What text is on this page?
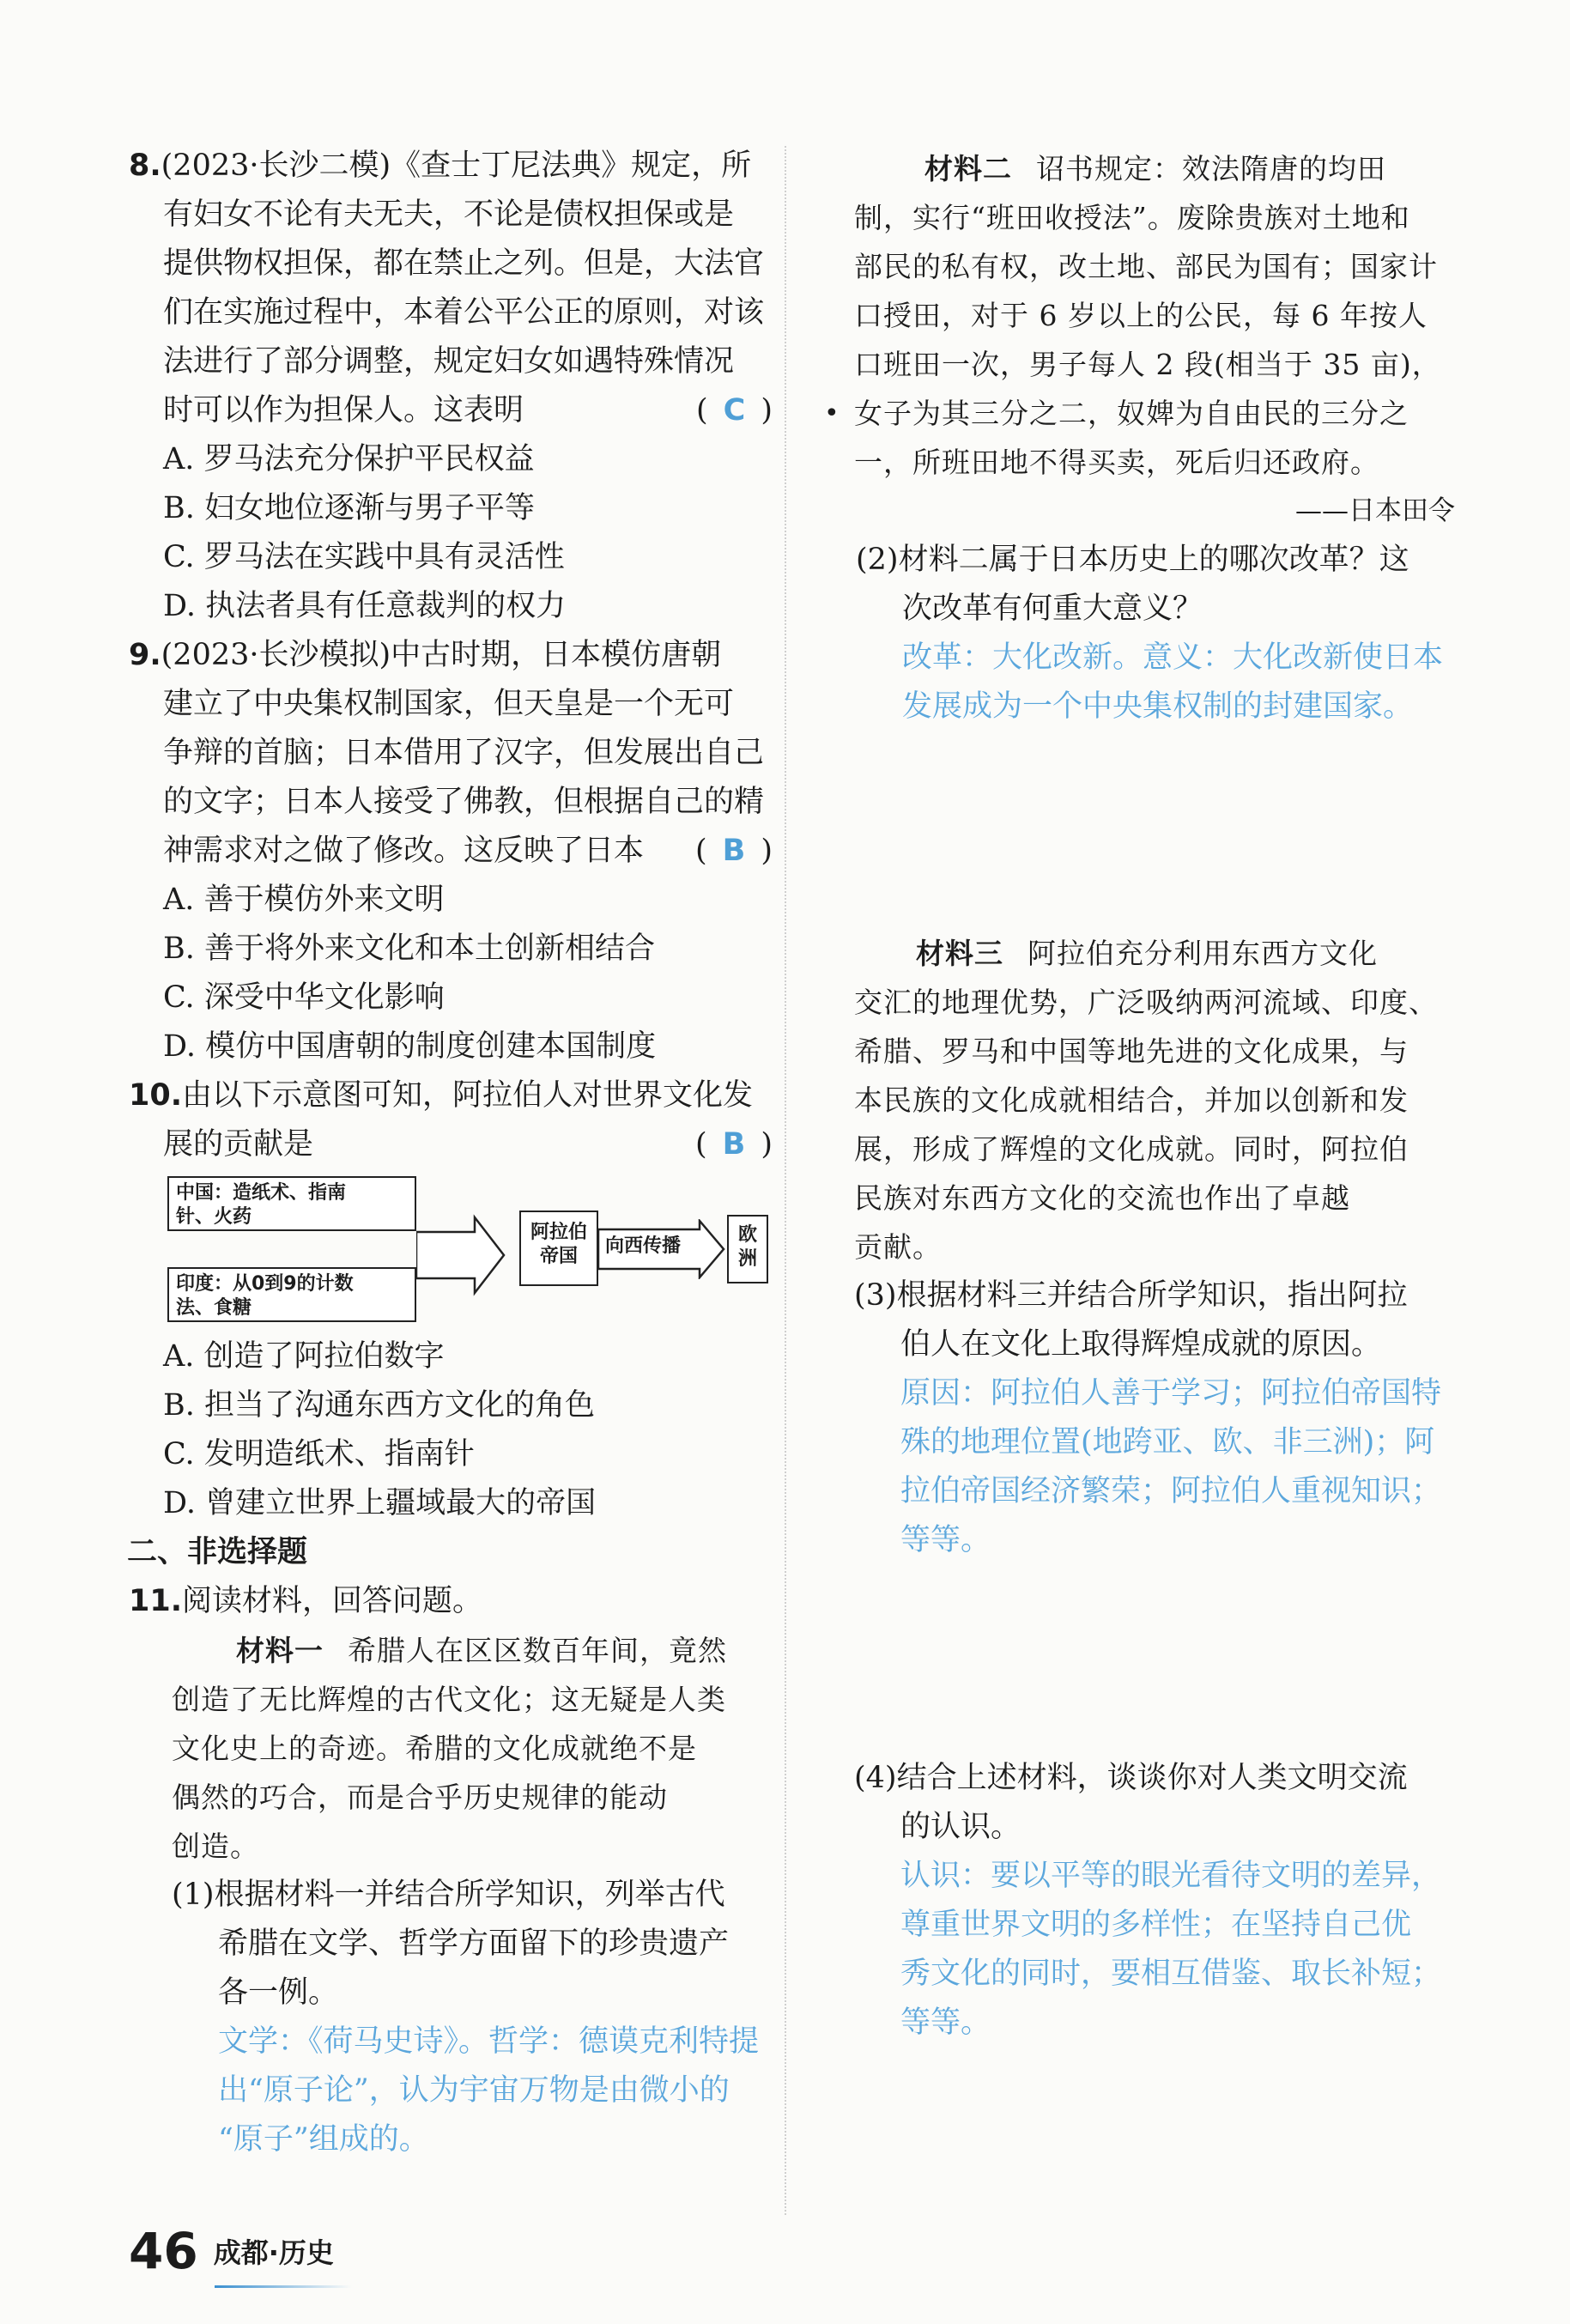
8.(2023·长沙二模)《查士丁尼法典》规定，所

有妇女不论有夫无夫，不论是债权担保或是

提供物权担保，都在禁止之列。但是，大法官

们在实施过程中，本着公平公正的原则，对该

法进行了部分调整，规定妇女如遇特殊情况

时可以作为担保人。这表明	( C )

A. 罗马法充分保护平民权益
B. 妇女地位逐渐与男子平等
C. 罗马法在实践中具有灵活性
D. 执法者具有任意裁判的权力

9.(2023·长沙模拟)中古时期，日本模仿唐朝

建立了中央集权制国家，但天皇是一个无可

争辩的首脑；日本借用了汉字，但发展出自己

的文字；日本人接受了佛教，但根据自己的精

神需求对之做了修改。这反映了日本 ( B )

A. 善于模仿外来文明
B. 善于将外来文化和本土创新相结合
C. 深受中华文化影响
D. 模仿中国唐朝的制度创建本国制度

10.由以下示意图可知，阿拉伯人对世界文化发

展的贡献是	( B )

中国：造纸术、指南
针、火药
印度：从0到9的计数
法、食糖
阿拉伯
帝国	向西传播
欧
洲
A. 创造了阿拉伯数字
B. 担当了沟通东西方文化的角色
C. 发明造纸术、指南针
D. 曾建立世界上疆域最大的帝国
二、非选择题

11.阅读材料，回答问题。

材料一 希腊人在区区数百年间，竟然
创造了无比辉煌的古代文化；这无疑是人类
文化史上的奇迹。希腊的文化成就绝不是
偶然的巧合，而是合乎历史规律的能动
创造。
(1)根据材料一并结合所学知识，列举古代
希腊在文学、哲学方面留下的珍贵遗产
各一例。
文学：《荷马史诗》。哲学：德谟克利特提
出“原子论”，认为宇宙万物是由微小的
“原子”组成的。
材料二 诏书规定：效法隋唐的均田
制，实行“班田收授法”。废除贵族对土地和
部民的私有权，改土地、部民为国有；国家计
口授田，对于 6 岁以上的公民，每 6 年按人
口班田一次，男子每人 2 段(相当于 35 亩)，
• 女子为其三分之二，奴婢为自由民的三分之
一，所班田地不得买卖，死后归还政府。
——日本田令
(2)材料二属于日本历史上的哪次改革？这
次改革有何重大意义？
改革：大化改新。意义：大化改新使日本
发展成为一个中央集权制的封建国家。
材料三 阿拉伯充分利用东西方文化
交汇的地理优势，广泛吸纳两河流域、印度、
希腊、罗马和中国等地先进的文化成果，与
本民族的文化成就相结合，并加以创新和发
展，形成了辉煌的文化成就。同时，阿拉伯
民族对东西方文化的交流也作出了卓越
贡献。
(3)根据材料三并结合所学知识，指出阿拉
伯人在文化上取得辉煌成就的原因。
原因：阿拉伯人善于学习；阿拉伯帝国特
殊的地理位置(地跨亚、欧、非三洲)；阿
拉伯帝国经济繁荣；阿拉伯人重视知识；
等等。
(4)结合上述材料，谈谈你对人类文明交流
的认识。
认识：要以平等的眼光看待文明的差异，
尊重世界文明的多样性；在坚持自己优
秀文化的同时，要相互借鉴、取长补短；
等等。
46 成都·历史
